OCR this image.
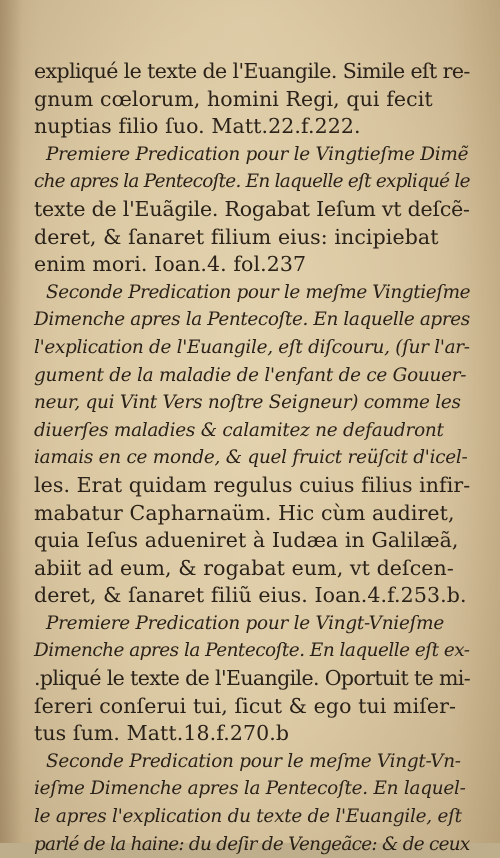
expliqué le texte de l'Euangile. Simile eſt re-
gnum cœlorum, homini Regi, qui fecit
nuptias filio ſuo. Matt.22.f.222.
Premiere Predication pour le Vingtieſme Dimẽ
che apres la Pentecoſte. En laquelle eſt expliqué le
texte de l'Euãgile. Rogabat Ieſum vt deſcẽ-
deret, & ſanaret filium eius: incipiebat
enim mori. Ioan.4. fol.237
Seconde Predication pour le meſme Vingtieſme
Dimenche apres la Pentecoſte. En laquelle apres
l'explication de l'Euangile, eſt diſcouru, (ſur l'ar-
gument de la maladie de l'enfant de ce Gouuer-
neur, qui Vint Vers noſtre Seigneur) comme les
diuerſes maladies & calamitez ne defaudront
iamais en ce monde, & quel fruict reüſcit d'icel-
les. Erat quidam regulus cuius filius infir-
mabatur Capharnaüm. Hic cùm audiret,
quia Ieſus adueniret à Iudæa in Galilæã,
abiit ad eum, & rogabat eum, vt deſcen-
deret, & ſanaret filiũ eius. Ioan.4.f.253.b.
Premiere Predication pour le Vingt-Vnieſme
Dimenche apres la Pentecoſte. En laquelle eſt ex-
.pliqué le texte de l'Euangile. Oportuit te mi-
ſereri conſerui tui, ſicut & ego tui miſer-
tus ſum. Matt.18.f.270.b
Seconde Predication pour le meſme Vingt-Vn-
ieſme Dimenche apres la Pentecoſte. En laquel-
le apres l'explication du texte de l'Euangile, eſt
parlé de la haine: du deſir de Vengeãce: & de ceux
